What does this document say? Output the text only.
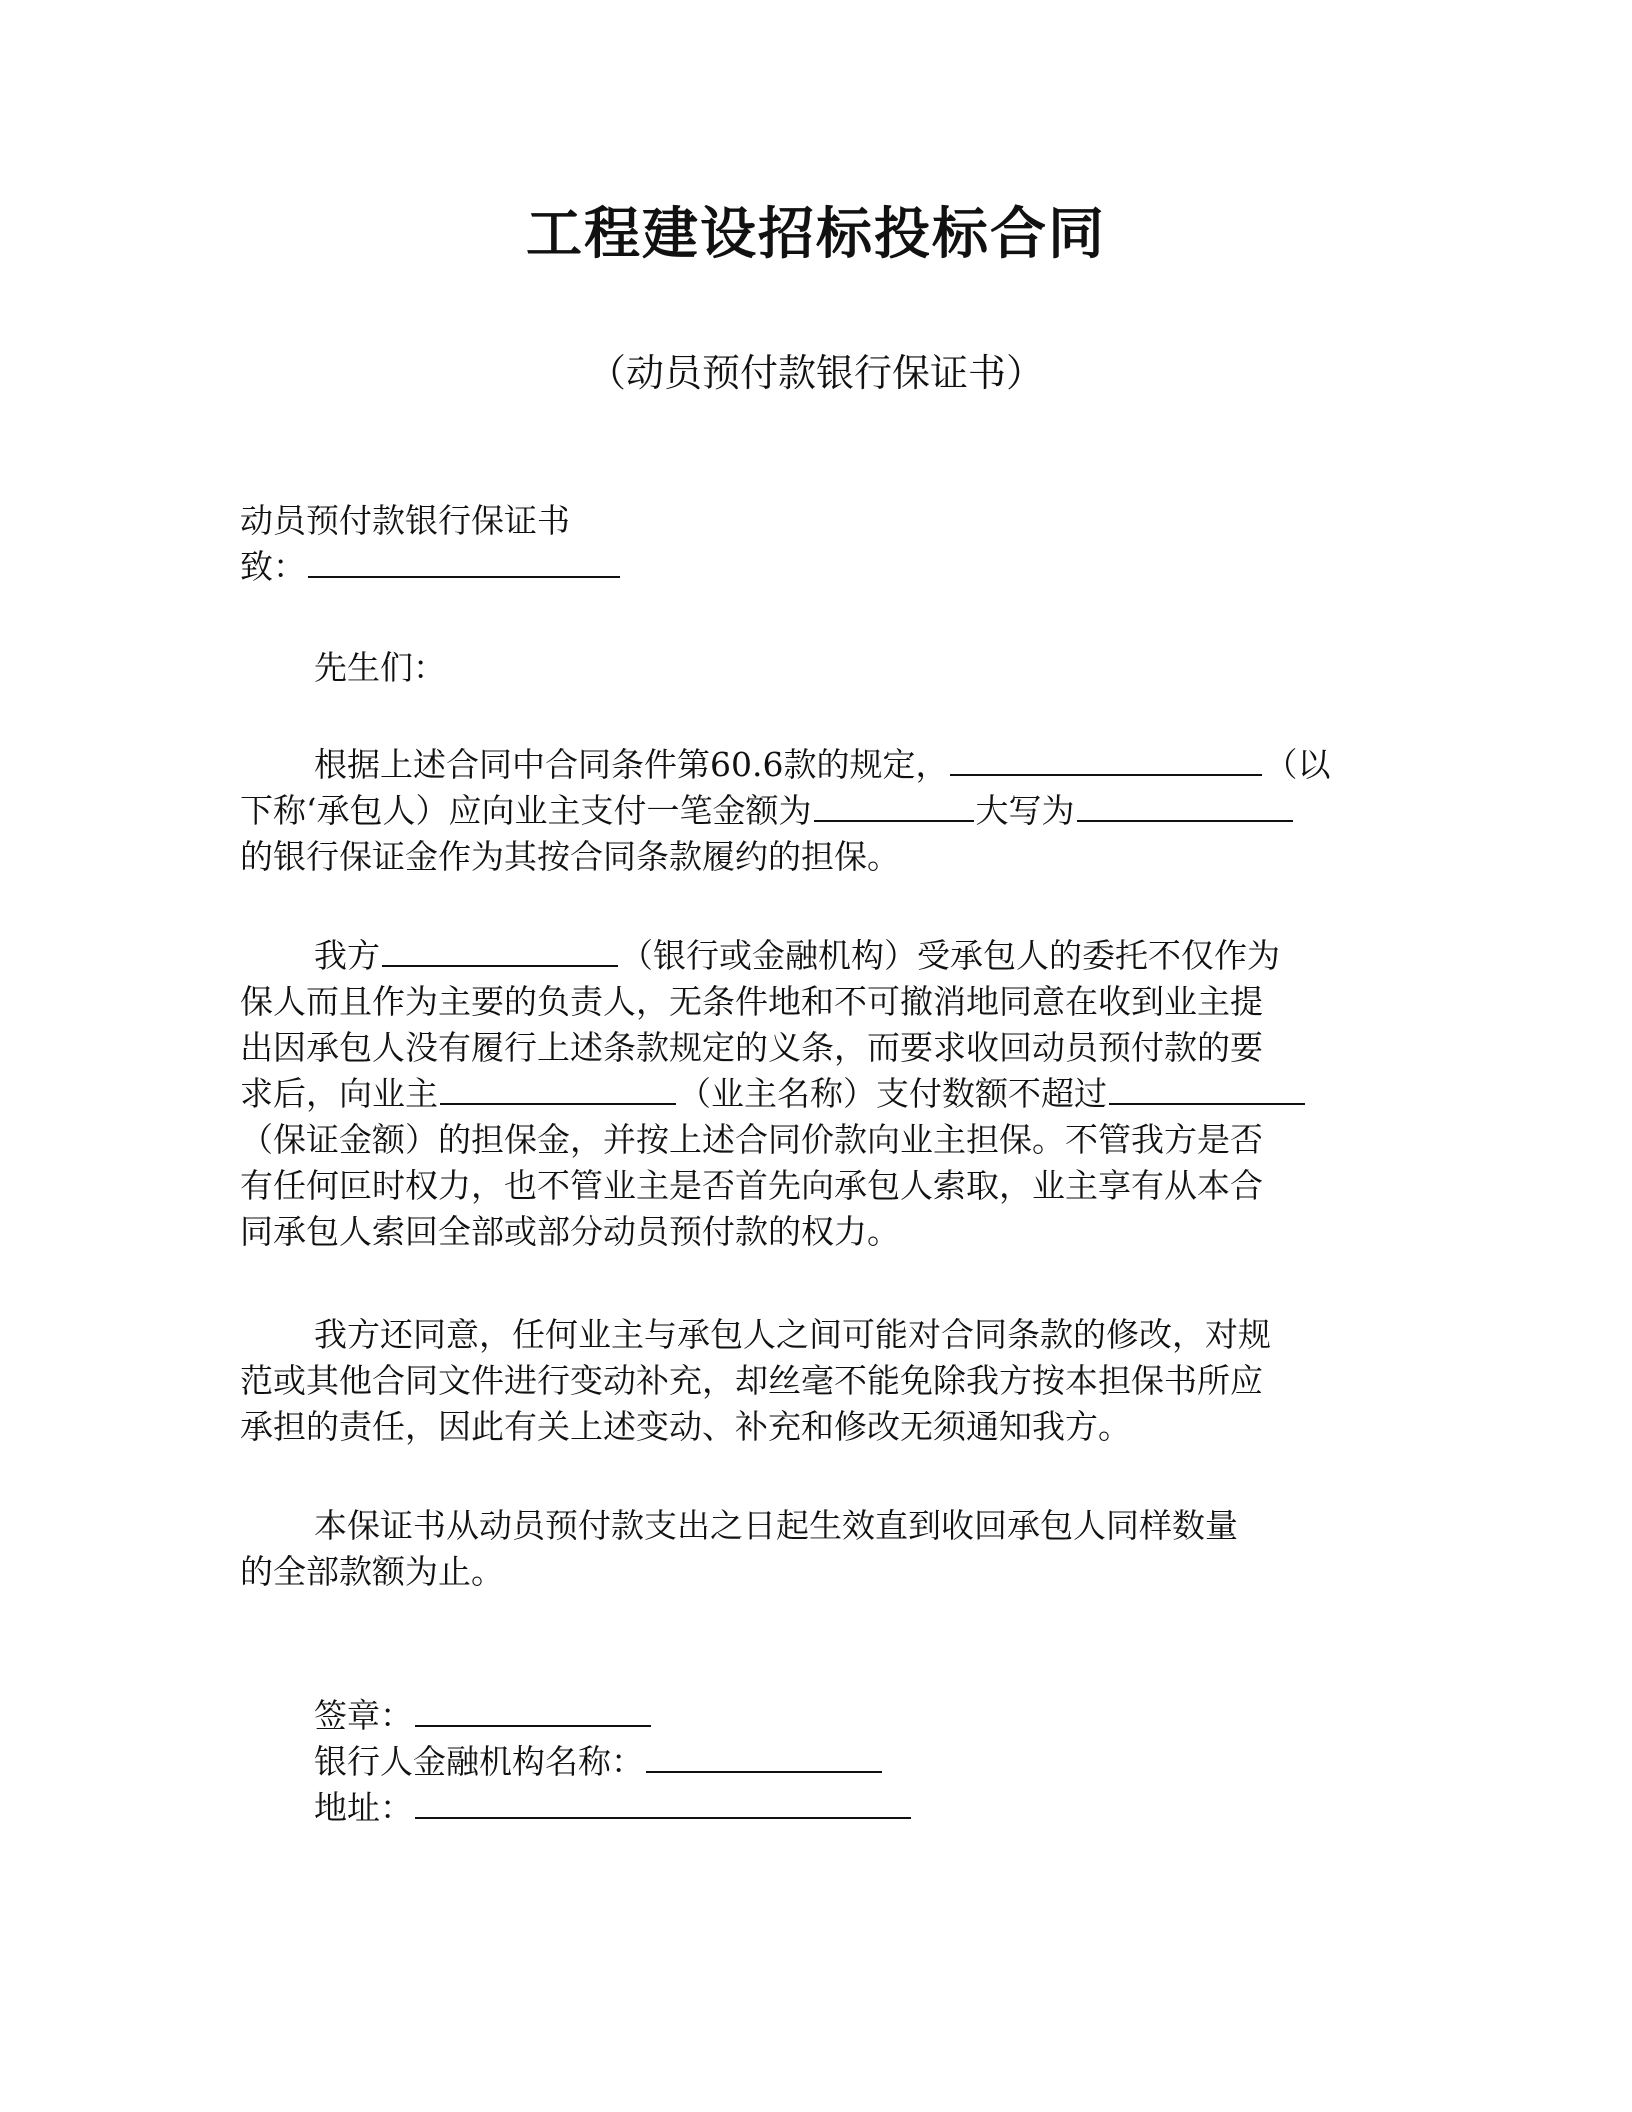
工程建设招标投标合同

（动员预付款银行保证书）

动员预付款银行保证书
致：
先生们：
根据上述合同中合同条件第60.6款的规定，	（以
下称‘承包人）应向业主支付一笔金额为	大写为
的银行保证金作为其按合同条款履约的担保。
我方	（银行或金融机构）受承包人的委托不仅作为
保人而且作为主要的负责人，无条件地和不可撤消地同意在收到业主提
出因承包人没有履行上述条款规定的义条，而要求收回动员预付款的要
求后，向业主	（业主名称）支付数额不超过
（保证金额）的担保金，并按上述合同价款向业主担保。不管我方是否
有任何叵时权力，也不管业主是否首先向承包人索取，业主享有从本合
同承包人索回全部或部分动员预付款的权力。
我方还同意，任何业主与承包人之间可能对合同条款的修改，对规
范或其他合同文件进行变动补充，却丝毫不能免除我方按本担保书所应
承担的责任，因此有关上述变动、补充和修改无须通知我方。
本保证书从动员预付款支出之日起生效直到收回承包人同样数量
的全部款额为止。
签章：
银行人金融机构名称：
地址：
